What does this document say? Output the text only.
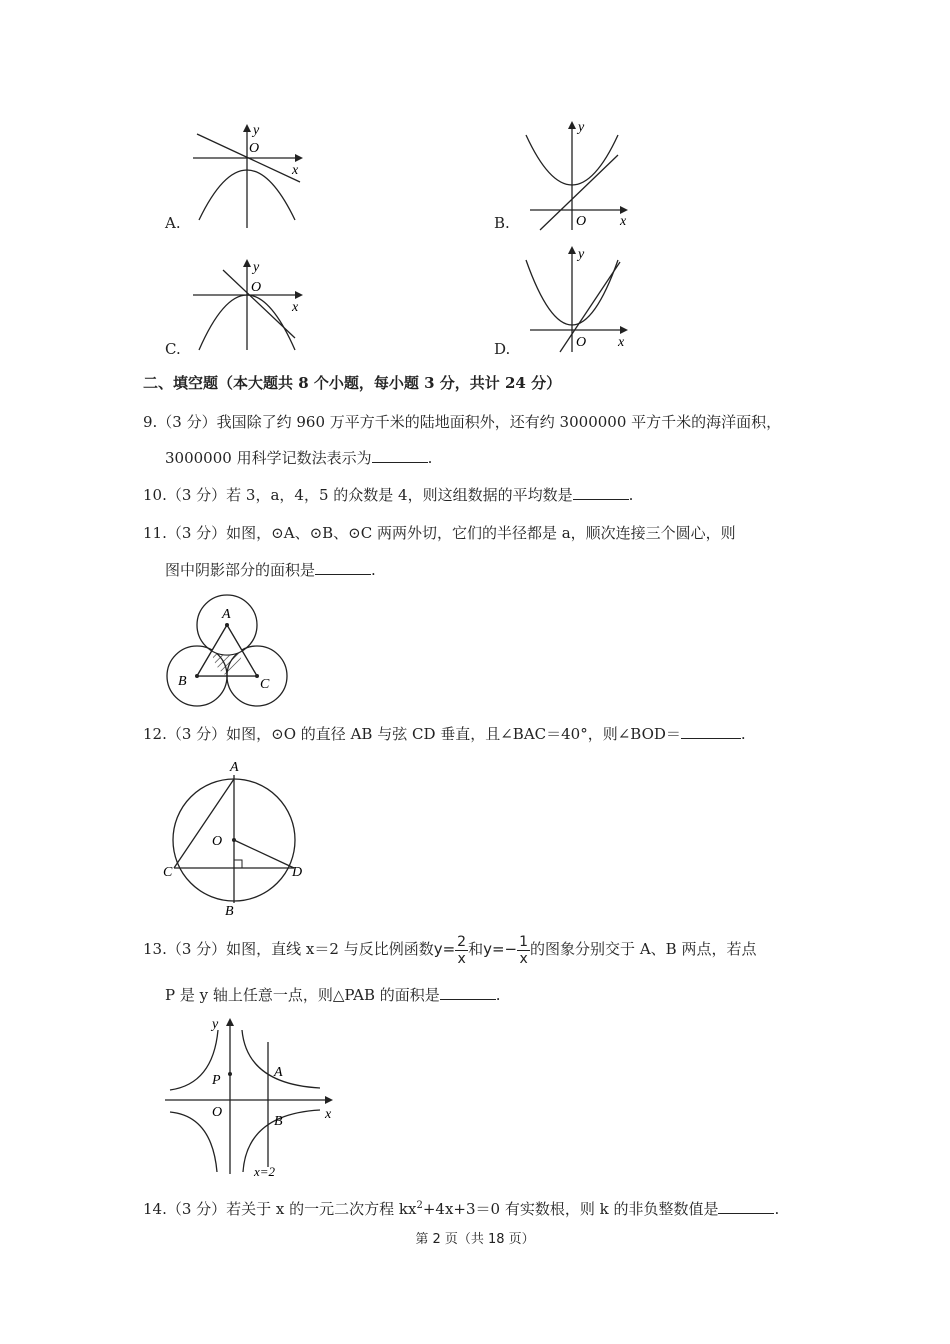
y
O
x
A.
y
O x
B.
y
O
x
C.
y
O x
D.
二、填空题（本大题共 8 个小题，每小题 3 分，共计 24 分）
9.（3 分）我国除了约 960 万平方千米的陆地面积外，还有约 3000000 平方千米的海洋面积，
3000000 用科学记数法表示为	.
10.（3 分）若 3，a，4，5 的众数是 4，则这组数据的平均数是	.
11.（3 分）如图，⊙A、⊙B、⊙C 两两外切，它们的半径都是 a，顺次连接三个圆心，则
图中阴影部分的面积是	.
A
B	C
12.（3 分）如图，⊙O 的直径 AB 与弦 CD 垂直，且∠BAC＝40°，则∠BOD＝	.
A
O
C	D
B
13.（3 分）如图，直线 x＝2 与反比例函数$y= \frac{2}{x}$ 和$y=- \frac{1}{x}$ 的图象分别交于 A、B 两点，若点
P 是 y 轴上任意一点，则△PAB 的面积是	.
y
P
A
O
B	x
x=2
14.（3 分）若关于 x 的一元二次方程 $kx^2+4x+3=0$ 有实数根，则 k 的非负整数值是	.
第 2 页（共 18 页）
